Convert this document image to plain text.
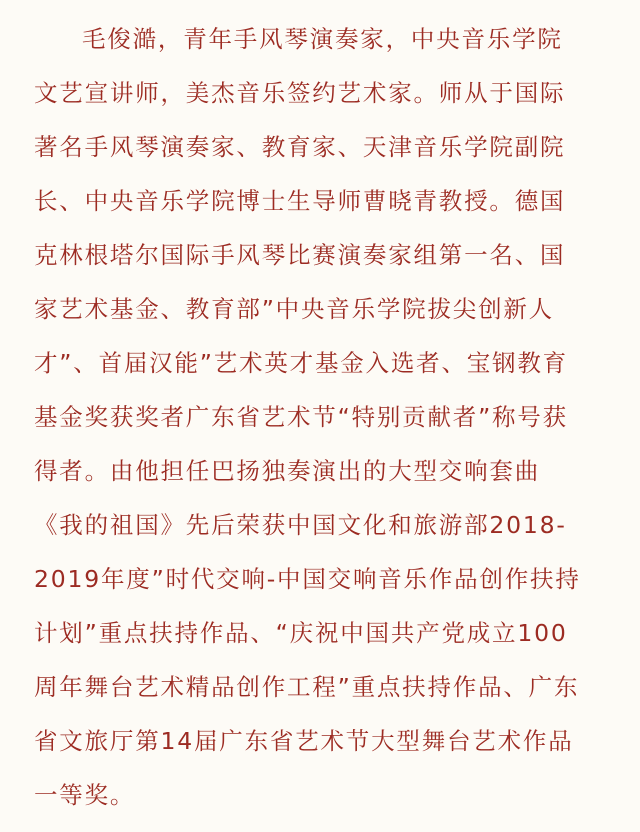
毛俊澔，青年手风琴演奏家，中央音乐学院
文艺宣讲师，美杰音乐签约艺术家。师从于国际
著名手风琴演奏家、教育家、天津音乐学院副院
长、中央音乐学院博士生导师曹晓青教授。德国
克林根塔尔国际手风琴比赛演奏家组第一名、国
家艺术基金、教育部”中央音乐学院拔尖创新人
才”、首届汉能”艺术英才基金入选者、宝钢教育
基金奖获奖者广东省艺术节“特别贡献者”称号获
得者。由他担任巴扬独奏演出的大型交响套曲
《我的祖国》先后荣获中国文化和旅游部2018-
2019年度”时代交响-中国交响音乐作品创作扶持
计划”重点扶持作品、“庆祝中国共产党成立100
周年舞台艺术精品创作工程”重点扶持作品、广东
省文旅厅第14届广东省艺术节大型舞台艺术作品
一等奖。
